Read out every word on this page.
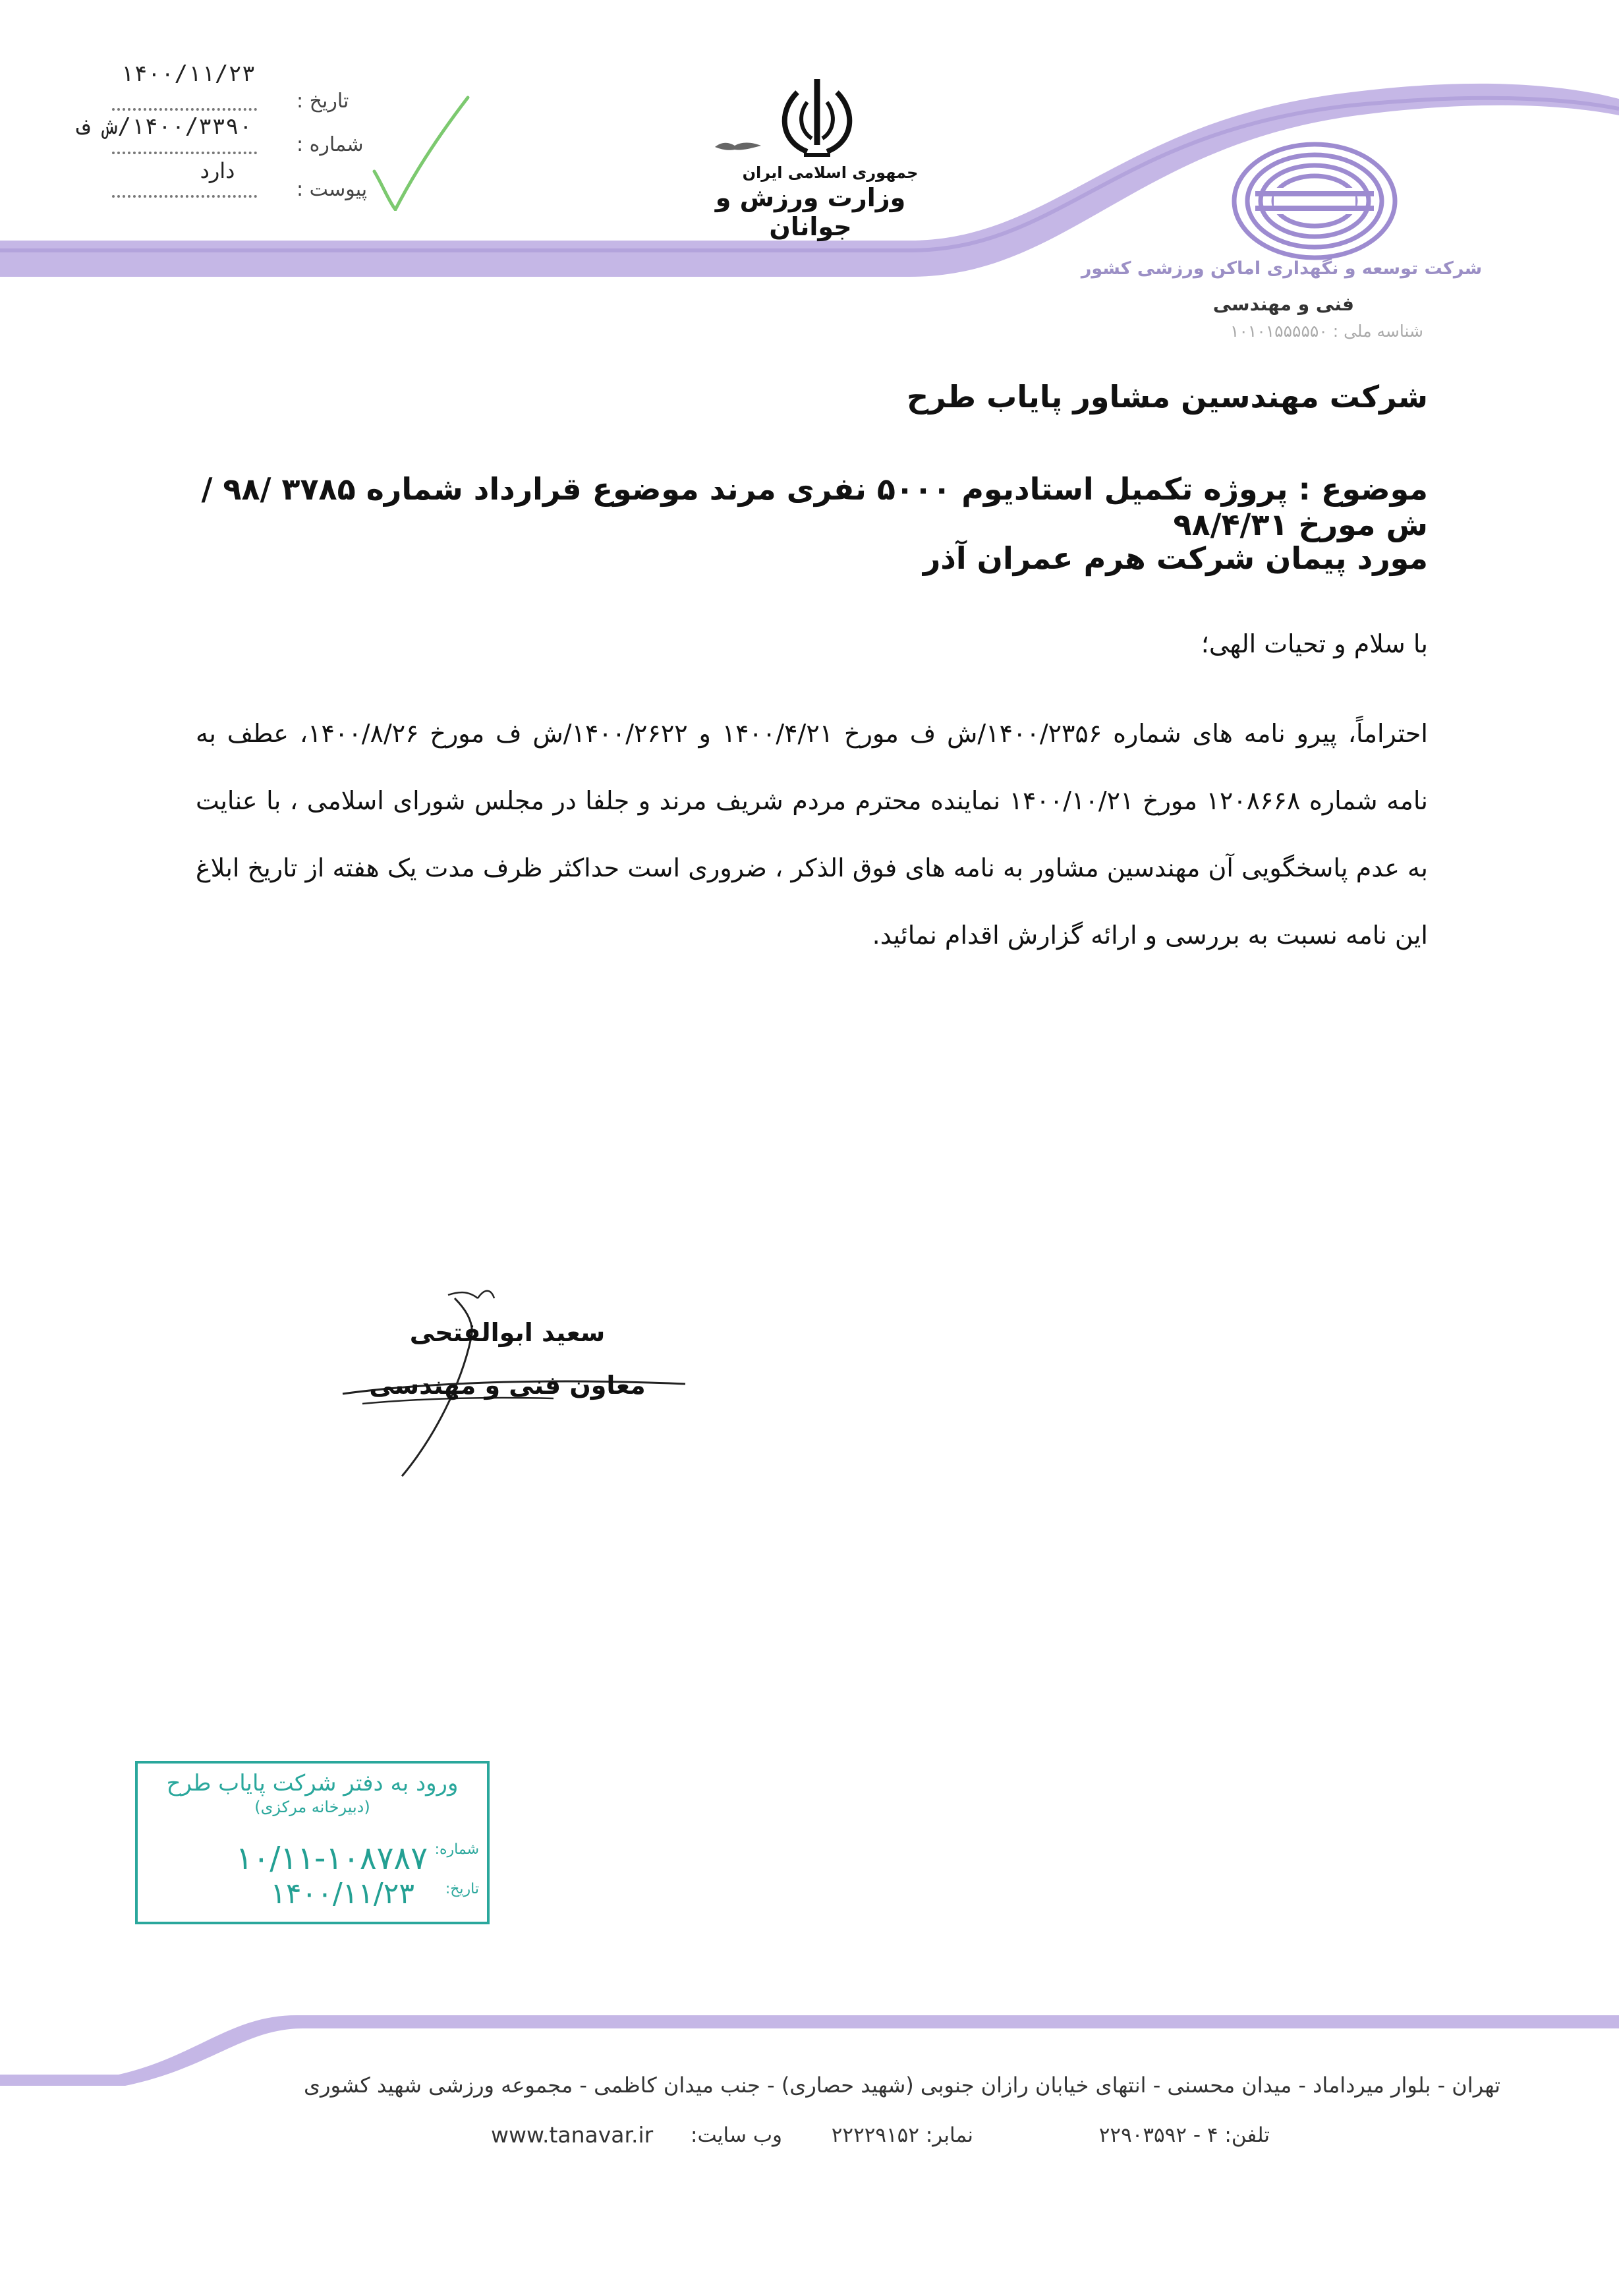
۱۴۰۰/۱۱/۲۳
تاریخ :
۱۴۰۰/۳۳۹۰/ش ف
شماره :
دارد
پیوست :
جمهوری اسلامی ایران
وزارت ورزش و جوانان
شرکت توسعه و نگهداری اماکن ورزشی کشور
فنی و مهندسی
شناسه ملی : ۱۰۱۰۱۵۵۵۵۵۰
شرکت مهندسین مشاور پایاب طرح
موضوع : پروژه تکمیل استادیوم ۵۰۰۰ نفری مرند موضوع قرارداد شماره ۳۷۸۵ /۹۸ / ش مورخ ۹۸/۴/۳۱
مورد پیمان شرکت هرم عمران آذر
با سلام و تحیات الهی؛
احتراماً، پیرو نامه های شماره ۱۴۰۰/۲۳۵۶/ش ف مورخ ۱۴۰۰/۴/۲۱ و ۱۴۰۰/۲۶۲۲/ش ف مورخ ۱۴۰۰/۸/۲۶، عطف به نامه شماره ۱۲۰۸۶۶۸ مورخ ۱۴۰۰/۱۰/۲۱ نماینده محترم مردم شریف مرند و جلفا در مجلس شورای اسلامی ، با عنایت به عدم پاسخگویی آن مهندسین مشاور به نامه های فوق الذکر ، ضروری است حداکثر ظرف مدت یک هفته از تاریخ ابلاغ این نامه نسبت به بررسی و ارائه گزارش اقدام نمائید.
سعید ابوالفتحی
معاون فنی و مهندسی
ورود به دفتر شرکت پایاب طرح
(دبیرخانه مرکزی)
شماره:
۱۰/۱۱-۱۰۸۷۸۷
تاریخ:
۱۴۰۰/۱۱/۲۳
تهران - بلوار میرداماد - میدان محسنی - انتهای خیابان رازان جنوبی (شهید حصاری) - جنب میدان کاظمی - مجموعه ورزشی شهید کشوری
تلفن: ۴ - ۲۲۹۰۳۵۹۲
نمابر: ۲۲۲۲۹۱۵۲
وب سایت:
www.tanavar.ir
